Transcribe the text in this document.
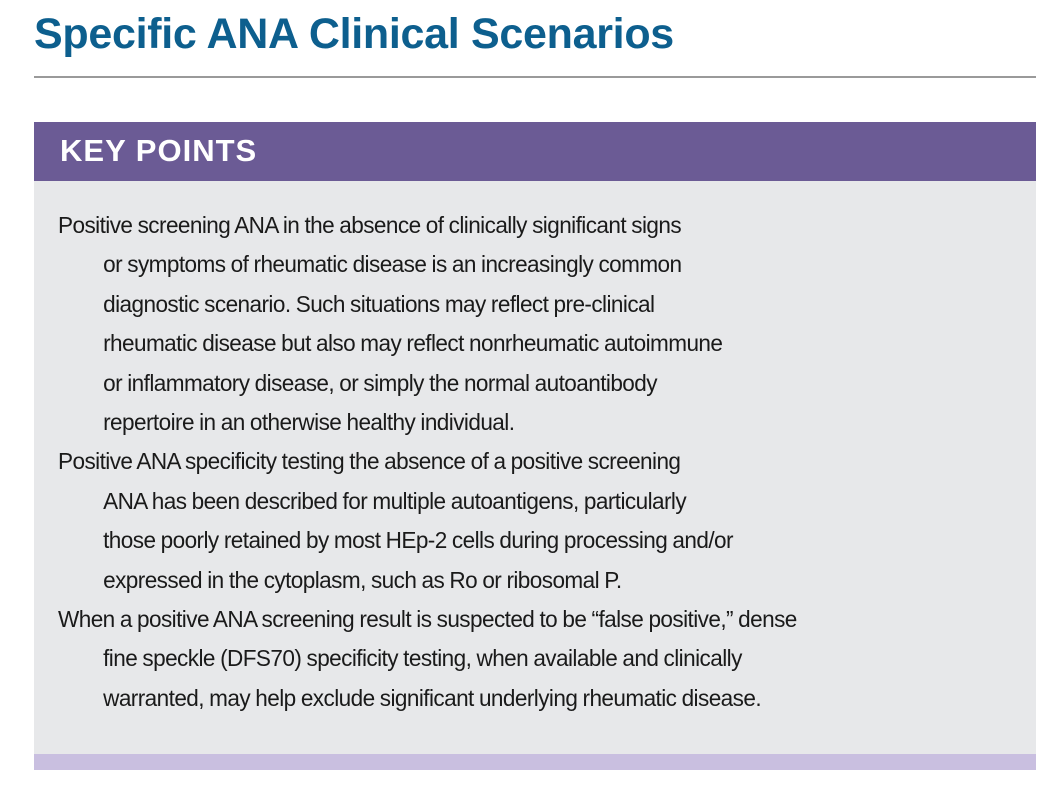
Specific ANA Clinical Scenarios
KEY POINTS
Positive screening ANA in the absence of clinically significant signs
or symptoms of rheumatic disease is an increasingly common
diagnostic scenario. Such situations may reflect pre-clinical
rheumatic disease but also may reflect nonrheumatic autoimmune
or inflammatory disease, or simply the normal autoantibody
repertoire in an otherwise healthy individual.
Positive ANA specificity testing the absence of a positive screening
ANA has been described for multiple autoantigens, particularly
those poorly retained by most HEp-2 cells during processing and/or
expressed in the cytoplasm, such as Ro or ribosomal P.
When a positive ANA screening result is suspected to be “false positive,” dense
fine speckle (DFS70) specificity testing, when available and clinically
warranted, may help exclude significant underlying rheumatic disease.
